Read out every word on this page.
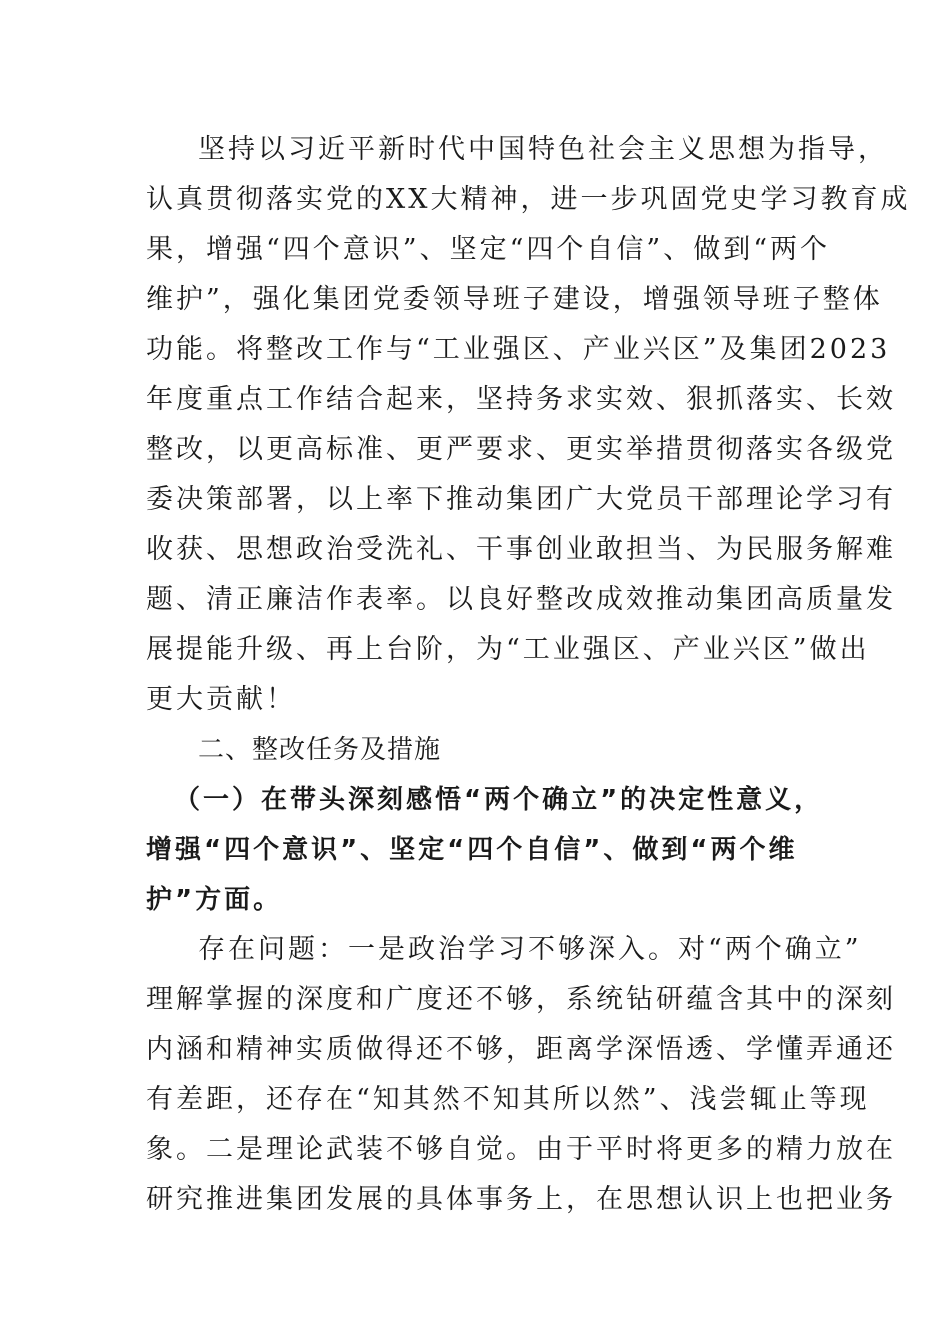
坚持以习近平新时代中国特色社会主义思想为指导，
认真贯彻落实党的XX大精神，进一步巩固党史学习教育成
果，增强“四个意识”、坚定“四个自信”、做到“两个
维护”，强化集团党委领导班子建设，增强领导班子整体
功能。将整改工作与“工业强区、产业兴区”及集团2023
年度重点工作结合起来，坚持务求实效、狠抓落实、长效
整改，以更高标准、更严要求、更实举措贯彻落实各级党
委决策部署，以上率下推动集团广大党员干部理论学习有
收获、思想政治受洗礼、干事创业敢担当、为民服务解难
题、清正廉洁作表率。以良好整改成效推动集团高质量发
展提能升级、再上台阶，为“工业强区、产业兴区”做出
更大贡献！
二、整改任务及措施
（一）在带头深刻感悟“两个确立”的决定性意义，
增强“四个意识”、坚定“四个自信”、做到“两个维
护”方面。
存在问题：一是政治学习不够深入。对“两个确立”
理解掌握的深度和广度还不够，系统钻研蕴含其中的深刻
内涵和精神实质做得还不够，距离学深悟透、学懂弄通还
有差距，还存在“知其然不知其所以然”、浅尝辄止等现
象。二是理论武装不够自觉。由于平时将更多的精力放在
研究推进集团发展的具体事务上，在思想认识上也把业务
